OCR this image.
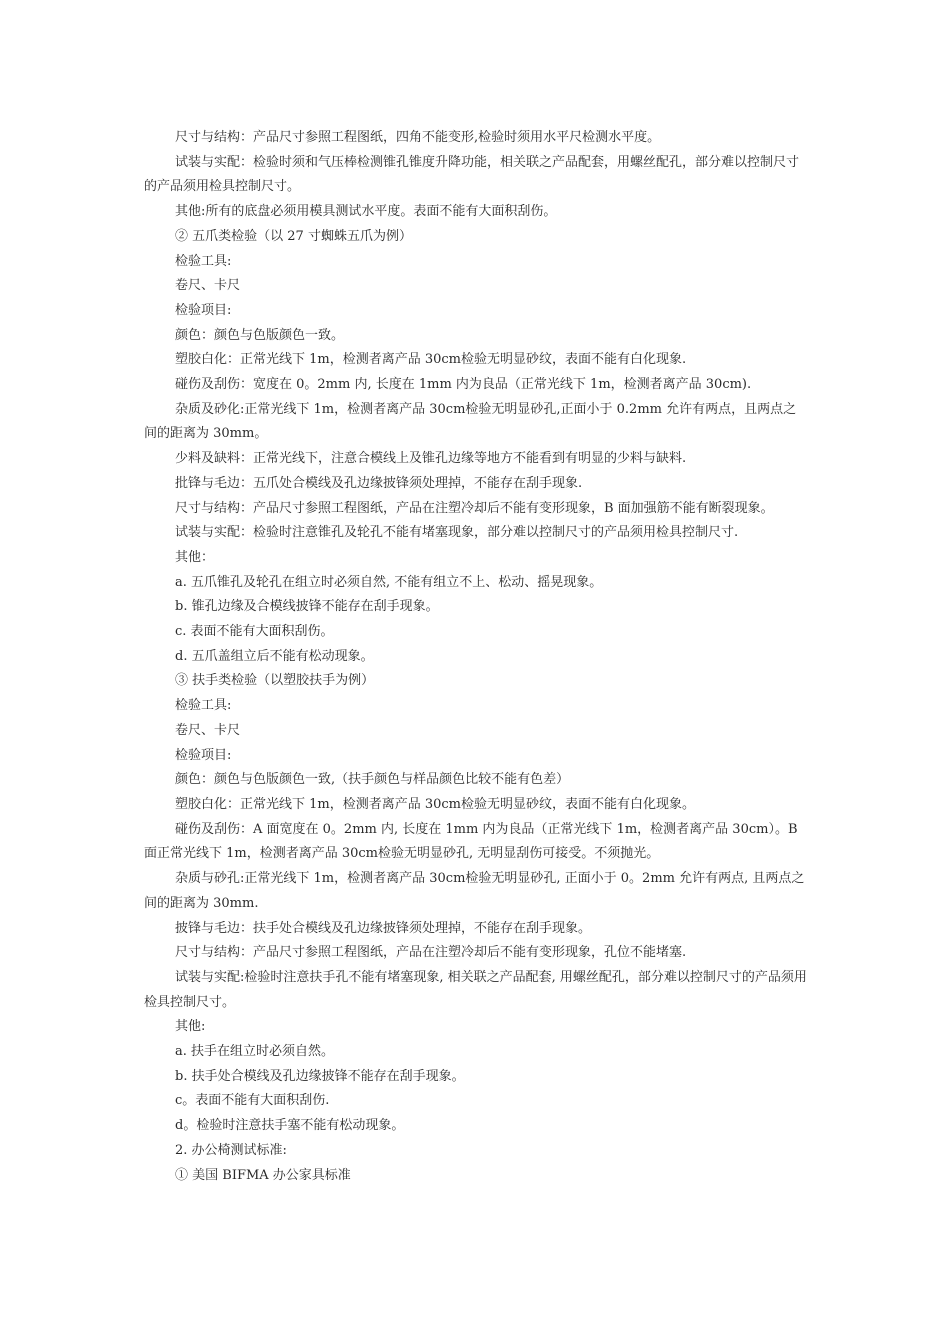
尺寸与结构：产品尺寸参照工程图纸，四角不能变形,检验时须用水平尺检测水平度。

试装与实配：检验时须和气压棒检测锥孔锥度升降功能，相关联之产品配套，用螺丝配孔，部分难以控制尺寸的产品须用检具控制尺寸。

其他:所有的底盘必须用模具测试水平度。表面不能有大面积刮伤。

② 五爪类检验（以 27 寸蜘蛛五爪为例）

检验工具:

卷尺、卡尺

检验项目:

颜色：颜色与色版颜色一致。

塑胶白化：正常光线下 1m，检测者离产品 30cm检验无明显砂纹，表面不能有白化现象.

碰伤及刮伤：宽度在 0。2mm 内, 长度在 1mm 内为良品（正常光线下 1m，检测者离产品 30cm).

杂质及砂化:正常光线下 1m，检测者离产品 30cm检验无明显砂孔,正面小于 0.2mm 允许有两点，且两点之间的距离为 30mm。

少料及缺料：正常光线下，注意合模线上及锥孔边缘等地方不能看到有明显的少料与缺料.

批锋与毛边：五爪处合模线及孔边缘披锋须处理掉，不能存在刮手现象.

尺寸与结构：产品尺寸参照工程图纸，产品在注塑冷却后不能有变形现象，B 面加强筋不能有断裂现象。

试装与实配：检验时注意锥孔及轮孔不能有堵塞现象，部分难以控制尺寸的产品须用检具控制尺寸.

其他：

a. 五爪锥孔及轮孔在组立时必须自然, 不能有组立不上、松动、摇晃现象。

b. 锥孔边缘及合模线披锋不能存在刮手现象。

c. 表面不能有大面积刮伤。

d. 五爪盖组立后不能有松动现象。

③ 扶手类检验（以塑胶扶手为例）

检验工具:

卷尺、卡尺

检验项目:

颜色：颜色与色版颜色一致,（扶手颜色与样品颜色比较不能有色差）

塑胶白化：正常光线下 1m，检测者离产品 30cm检验无明显砂纹，表面不能有白化现象。

碰伤及刮伤：A 面宽度在 0。2mm 内, 长度在 1mm 内为良品（正常光线下 1m，检测者离产品 30cm）。B 面正常光线下 1m，检测者离产品 30cm检验无明显砂孔, 无明显刮伤可接受。不须抛光。

杂质与砂孔:正常光线下 1m，检测者离产品 30cm检验无明显砂孔, 正面小于 0。2mm 允许有两点, 且两点之间的距离为 30mm.

披锋与毛边：扶手处合模线及孔边缘披锋须处理掉，不能存在刮手现象。

尺寸与结构：产品尺寸参照工程图纸，产品在注塑冷却后不能有变形现象，孔位不能堵塞.

试装与实配:检验时注意扶手孔不能有堵塞现象, 相关联之产品配套, 用螺丝配孔，部分难以控制尺寸的产品须用检具控制尺寸。

其他:

a. 扶手在组立时必须自然。

b. 扶手处合模线及孔边缘披锋不能存在刮手现象。

c。表面不能有大面积刮伤.

d。检验时注意扶手塞不能有松动现象。

2. 办公椅测试标准:

① 美国 BIFMA 办公家具标准
